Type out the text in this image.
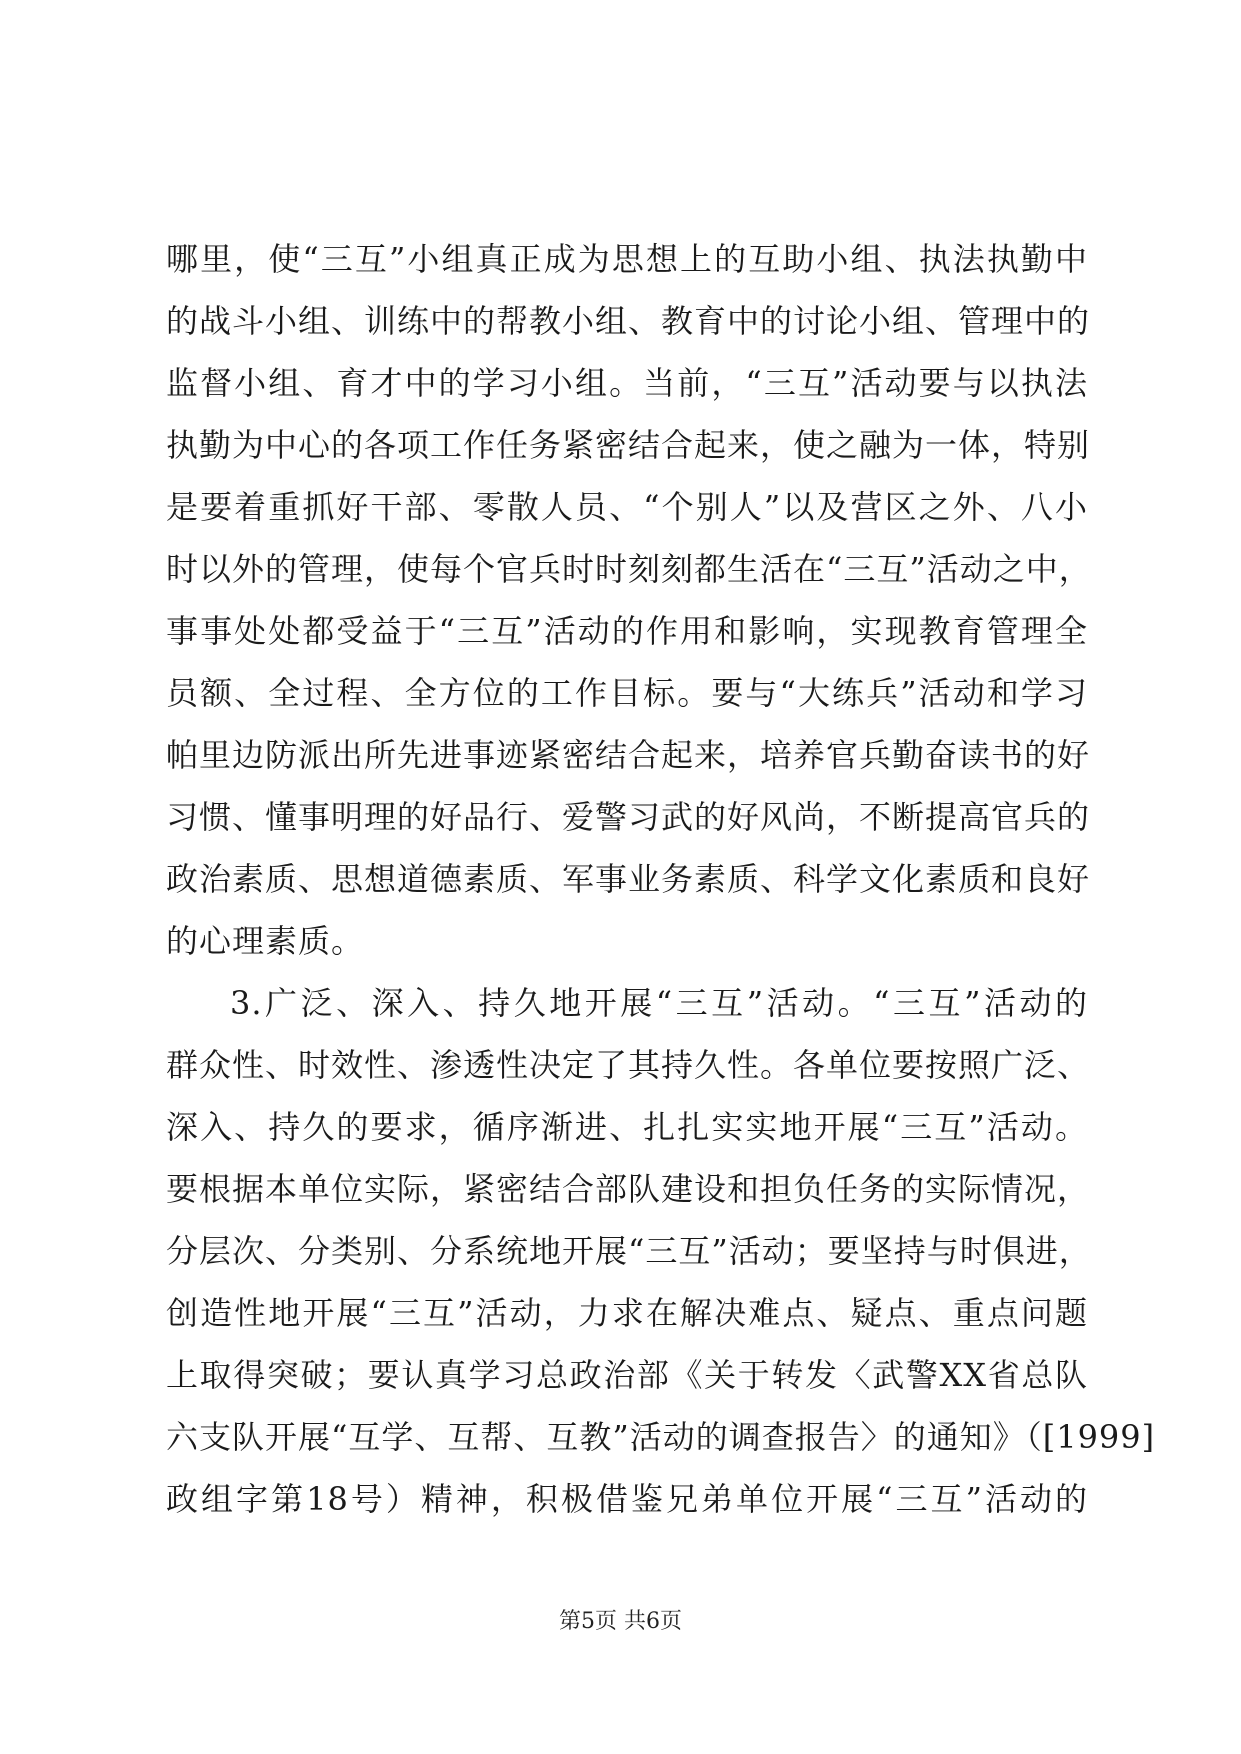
哪里，使“三互”小组真正成为思想上的互助小组、执法执勤中
的战斗小组、训练中的帮教小组、教育中的讨论小组、管理中的
监督小组、育才中的学习小组。当前，“三互”活动要与以执法
执勤为中心的各项工作任务紧密结合起来，使之融为一体，特别
是要着重抓好干部、零散人员、“个别人”以及营区之外、八小
时以外的管理，使每个官兵时时刻刻都生活在“三互”活动之中，
事事处处都受益于“三互”活动的作用和影响，实现教育管理全
员额、全过程、全方位的工作目标。要与“大练兵”活动和学习
帕里边防派出所先进事迹紧密结合起来，培养官兵勤奋读书的好
习惯、懂事明理的好品行、爱警习武的好风尚，不断提高官兵的
政治素质、思想道德素质、军事业务素质、科学文化素质和良好
的心理素质。
3.广泛、深入、持久地开展“三互”活动。“三互”活动的
群众性、时效性、渗透性决定了其持久性。各单位要按照广泛、
深入、持久的要求，循序渐进、扎扎实实地开展“三互”活动。
要根据本单位实际，紧密结合部队建设和担负任务的实际情况，
分层次、分类别、分系统地开展“三互”活动；要坚持与时俱进，
创造性地开展“三互”活动，力求在解决难点、疑点、重点问题
上取得突破；要认真学习总政治部《关于转发〈武警XX省总队
六支队开展“互学、互帮、互教”活动的调查报告〉的通知》（[1999]
政组字第18号）精神，积极借鉴兄弟单位开展“三互”活动的
第5页 共6页
